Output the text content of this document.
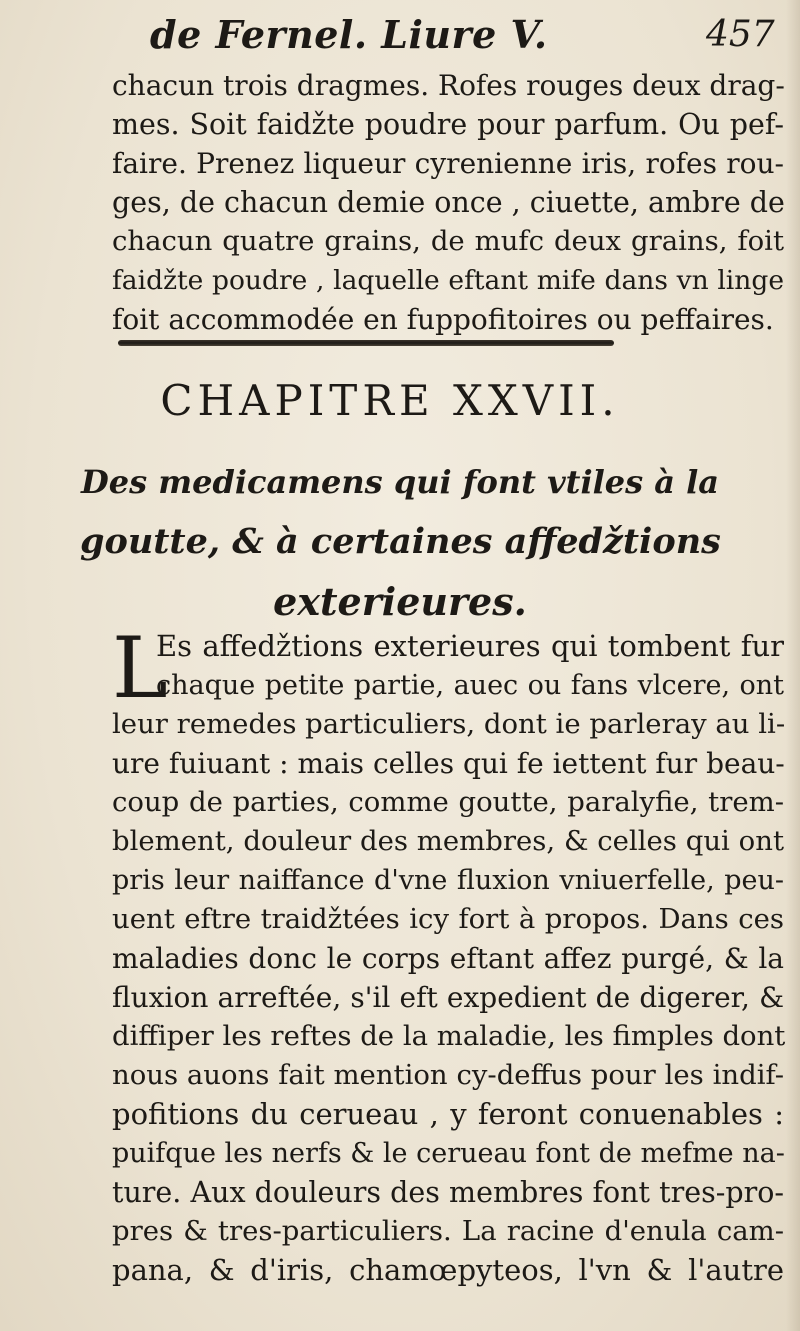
de Fernel. Liure V.	457
chacun trois dragmes. Rofes rouges deux drag-
mes. Soit faiǆte poudre pour parfum. Ou pef-
faire. Prenez liqueur cyrenienne iris, rofes rou-
ges, de chacun demie once , ciuette, ambre de
chacun quatre grains, de mufc deux grains, foit
faiǆte poudre , laquelle eftant mife dans vn linge
foit accommodée en fuppofitoires ou peffaires.
CHAPITRE XXVII.
Des medicamens qui font vtiles à la
goutte, & à certaines affeǆtions
exterieures.
L
Es affeǆtions exterieures qui tombent fur
chaque petite partie, auec ou fans vlcere, ont
leur remedes particuliers, dont ie parleray au li-
ure fuiuant : mais celles qui fe iettent fur beau-
coup de parties, comme goutte, paralyfie, trem-
blement, douleur des membres, & celles qui ont
pris leur naiffance d'vne fluxion vniuerfelle, peu-
uent eftre traiǆtées icy fort à propos. Dans ces
maladies donc le corps eftant affez purgé, & la
fluxion arreftée, s'il eft expedient de digerer, &
diffiper les reftes de la maladie, les fimples dont
nous auons fait mention cy-deffus pour les indif-
pofitions du cerueau , y feront conuenables :
puifque les nerfs & le cerueau font de mefme na-
ture. Aux douleurs des membres font tres-pro-
pres & tres-particuliers. La racine d'enula cam-
pana, & d'iris, chamœpyteos, l'vn & l'autre
